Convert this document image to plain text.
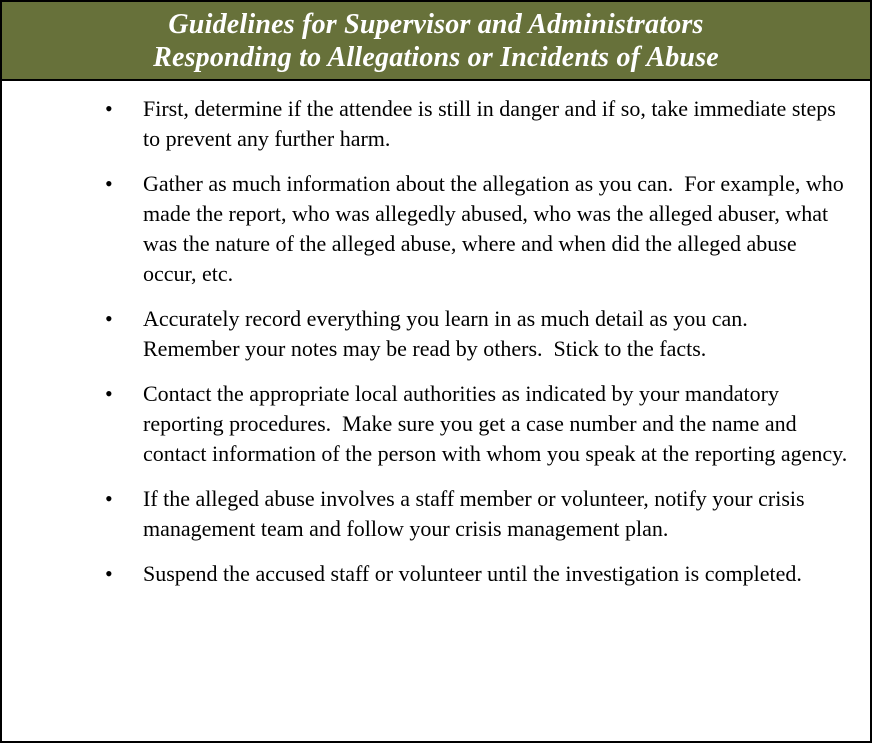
Guidelines for Supervisor and Administrators
Responding to Allegations or Incidents of Abuse
•	First, determine if the attendee is still in danger and if so, take immediate steps to prevent any further harm.
•	Gather as much information about the allegation as you can.  For example, who made the report, who was allegedly abused, who was the alleged abuser, what was the nature of the alleged abuse, where and when did the alleged abuse occur, etc.
•	Accurately record everything you learn in as much detail as you can.  Remember your notes may be read by others.  Stick to the facts.
•	Contact the appropriate local authorities as indicated by your mandatory reporting procedures.  Make sure you get a case number and the name and contact information of the person with whom you speak at the reporting agency.
•	If the alleged abuse involves a staff member or volunteer, notify your crisis management team and follow your crisis management plan.
•	Suspend the accused staff or volunteer until the investigation is completed.
